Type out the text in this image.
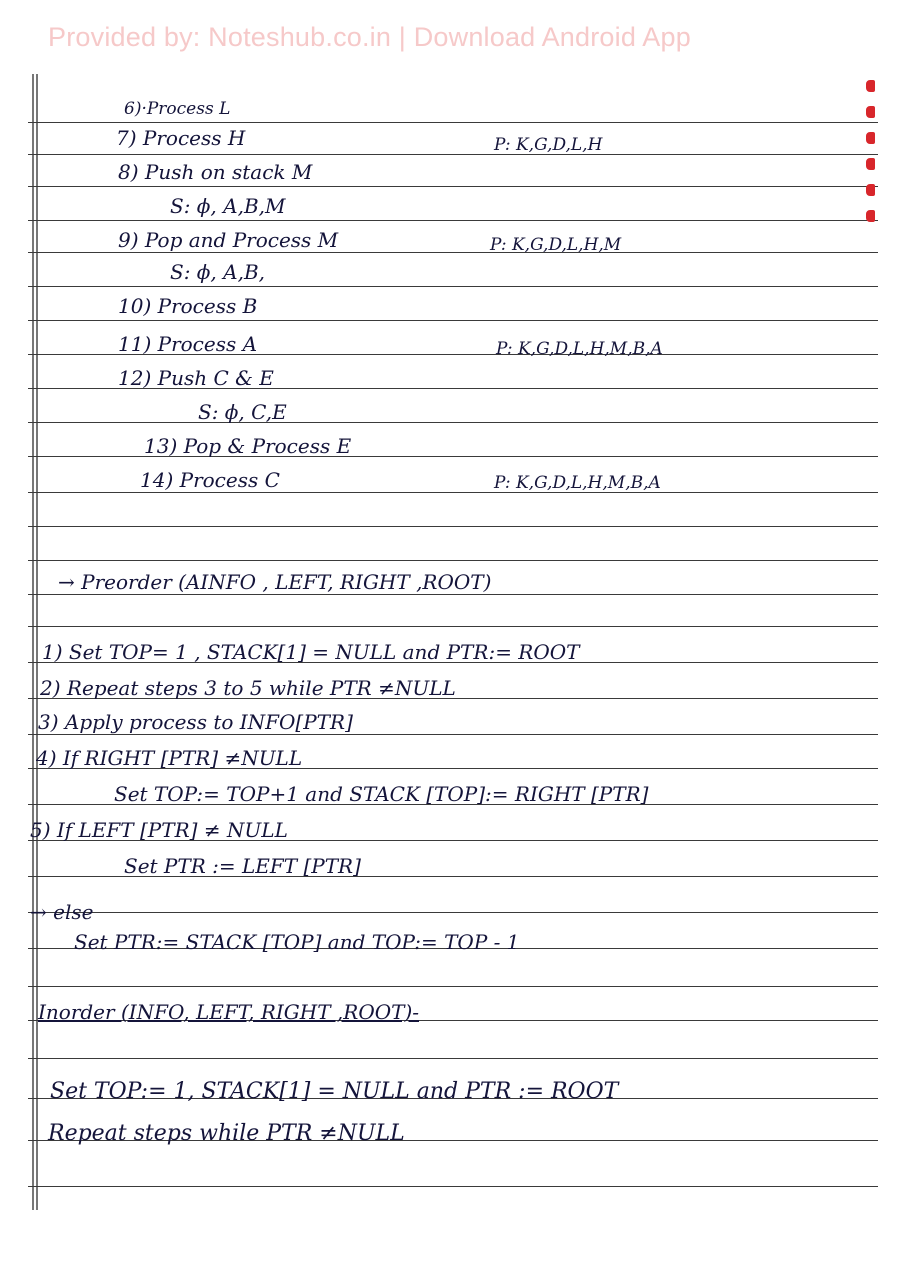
Provided by: Noteshub.co.in | Download Android App
6)·Process L
7) Process H	P: K,G,D,L,H
8) Push on stack M
S: ϕ, A,B,M
9) Pop and Process M	P: K,G,D,L,H,M
S: ϕ, A,B,
10) Process B
11) Process A	P: K,G,D,L,H,M,B,A
12) Push C & E
S: ϕ, C,E
13) Pop & Process E
14) Process C	P: K,G,D,L,H,M,B,A
→ Preorder (AINFO , LEFT, RIGHT ,ROOT)
1) Set TOP= 1 , STACK[1] = NULL and PTR:= ROOT
2) Repeat steps 3 to 5 while PTR ≠NULL
3) Apply process to INFO[PTR]
4) If RIGHT [PTR] ≠NULL
Set TOP:= TOP+1 and STACK [TOP]:= RIGHT [PTR]
5) If LEFT [PTR] ≠ NULL
Set PTR := LEFT [PTR]
→ else
Set PTR:= STACK [TOP] and TOP:= TOP - 1
Inorder (INFO, LEFT, RIGHT ,ROOT)-
Set TOP:= 1, STACK[1] = NULL and PTR := ROOT
Repeat steps while PTR ≠NULL
